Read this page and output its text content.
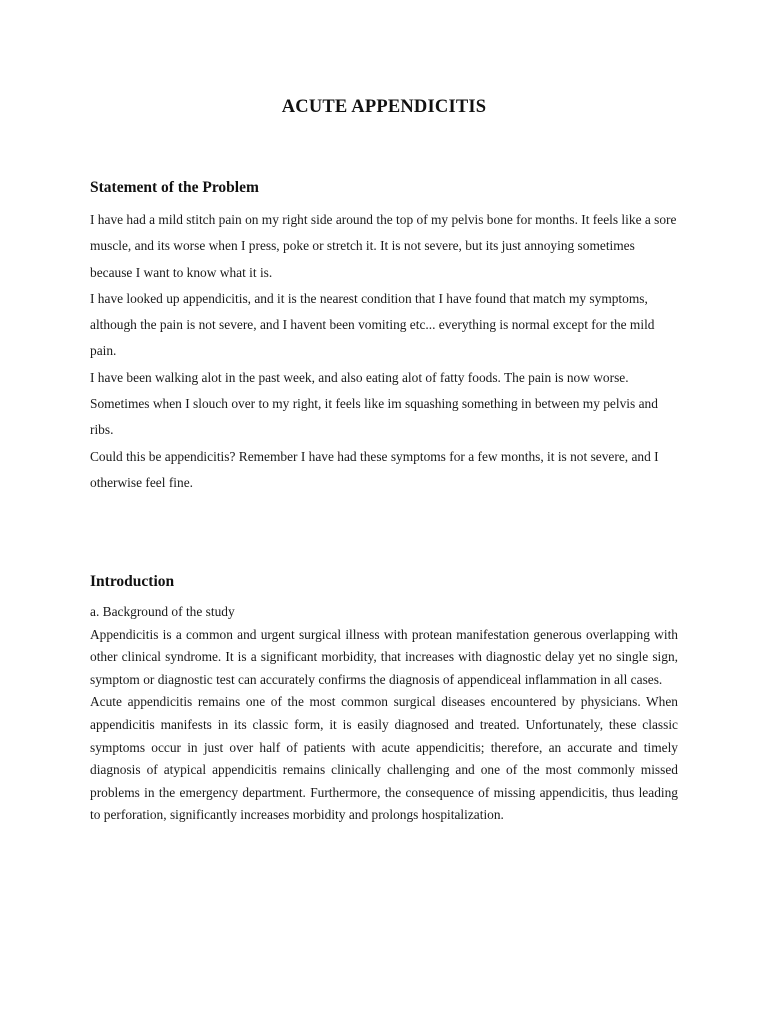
ACUTE APPENDICITIS
Statement of the Problem

I have had a mild stitch pain on my right side around the top of my pelvis bone for months. It feels like a sore muscle, and its worse when I press, poke or stretch it. It is not severe, but its just annoying sometimes because I want to know what it is.

I have looked up appendicitis, and it is the nearest condition that I have found that match my symptoms, although the pain is not severe, and I havent been vomiting etc... everything is normal except for the mild pain.

I have been walking alot in the past week, and also eating alot of fatty foods. The pain is now worse.

Sometimes when I slouch over to my right, it feels like im squashing something in between my pelvis and ribs.

Could this be appendicitis? Remember I have had these symptoms for a few months, it is not severe, and I otherwise feel fine.

Introduction

a. Background of the study

Appendicitis is a common and urgent surgical illness with protean manifestation generous overlapping with other clinical syndrome. It is a significant morbidity, that increases with diagnostic delay yet no single sign, symptom or diagnostic test can accurately confirms the diagnosis of appendiceal inflammation in all cases.

Acute appendicitis remains one of the most common surgical diseases encountered by physicians. When appendicitis manifests in its classic form, it is easily diagnosed and treated. Unfortunately, these classic symptoms occur in just over half of patients with acute appendicitis; therefore, an accurate and timely diagnosis of atypical appendicitis remains clinically challenging and one of the most commonly missed problems in the emergency department. Furthermore, the consequence of missing appendicitis, thus leading to perforation, significantly increases morbidity and prolongs hospitalization.
